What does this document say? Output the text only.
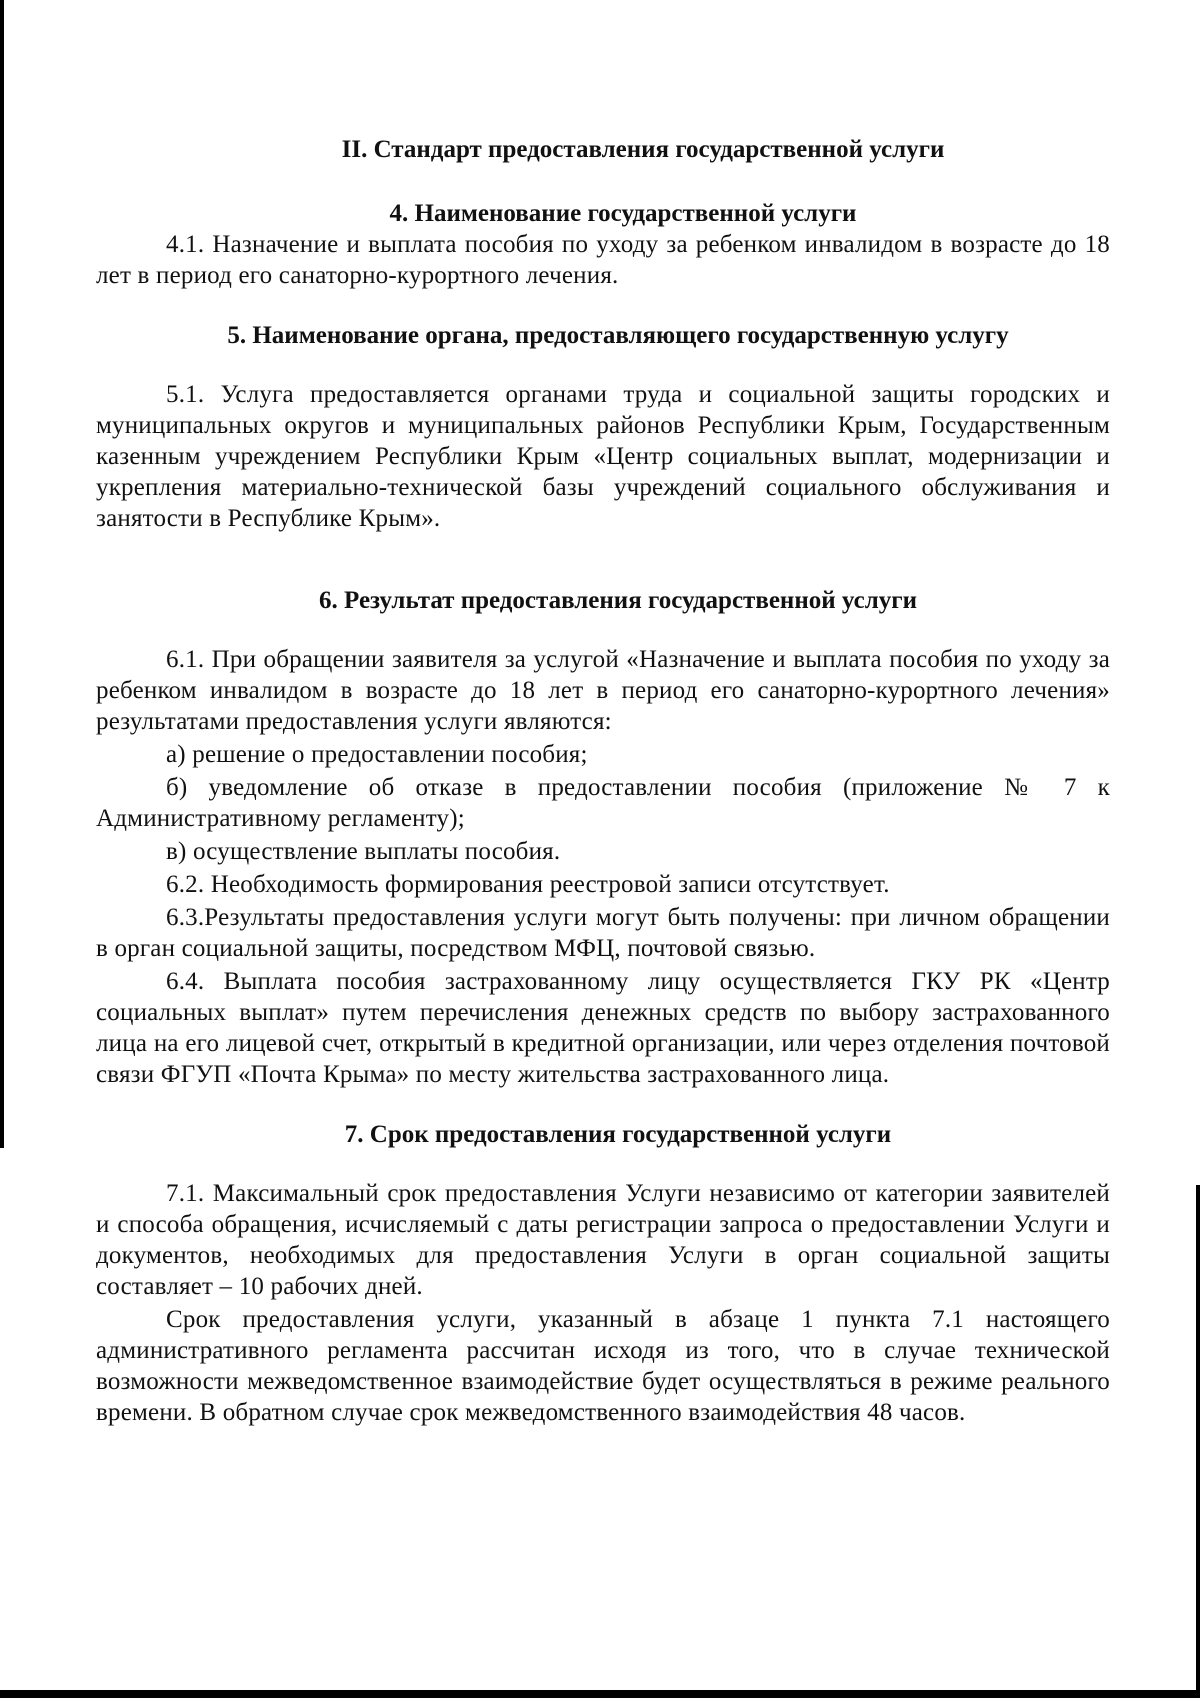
II. Стандарт предоставления государственной услуги
4. Наименование государственной услуги

4.1. Назначение и выплата пособия по уходу за ребенком инвалидом в возрасте до 18 лет в период его санаторно-курортного лечения.

5. Наименование органа, предоставляющего государственную услугу

5.1. Услуга предоставляется органами труда и социальной защиты городских и муниципальных округов и муниципальных районов Республики Крым, Государственным казенным учреждением Республики Крым «Центр социальных выплат, модернизации и укрепления материально-технической базы учреждений социального обслуживания и занятости в Республике Крым».

6. Результат предоставления государственной услуги

6.1. При обращении заявителя за услугой «Назначение и выплата пособия по уходу за ребенком инвалидом в возрасте до 18 лет в период его санаторно-курортного лечения» результатами предоставления услуги являются:

а) решение о предоставлении пособия;

б) уведомление об отказе в предоставлении пособия (приложение № 7 к Административному регламенту);

в) осуществление выплаты пособия.

6.2. Необходимость формирования реестровой записи отсутствует.

6.3.Результаты предоставления услуги могут быть получены: при личном обращении в орган социальной защиты, посредством МФЦ, почтовой связью.

6.4. Выплата пособия застрахованному лицу осуществляется ГКУ РК «Центр социальных выплат» путем перечисления денежных средств по выбору застрахованного лица на его лицевой счет, открытый в кредитной организации, или через отделения почтовой связи ФГУП «Почта Крыма» по месту жительства застрахованного лица.

7. Срок предоставления государственной услуги

7.1. Максимальный срок предоставления Услуги независимо от категории заявителей и способа обращения, исчисляемый с даты регистрации запроса о предоставлении Услуги и документов, необходимых для предоставления Услуги в орган социальной защиты составляет – 10 рабочих дней.

Срок предоставления услуги, указанный в абзаце 1 пункта 7.1 настоящего административного регламента рассчитан исходя из того, что в случае технической возможности межведомственное взаимодействие будет осуществляться в режиме реального времени. В обратном случае срок межведомственного взаимодействия 48 часов.
